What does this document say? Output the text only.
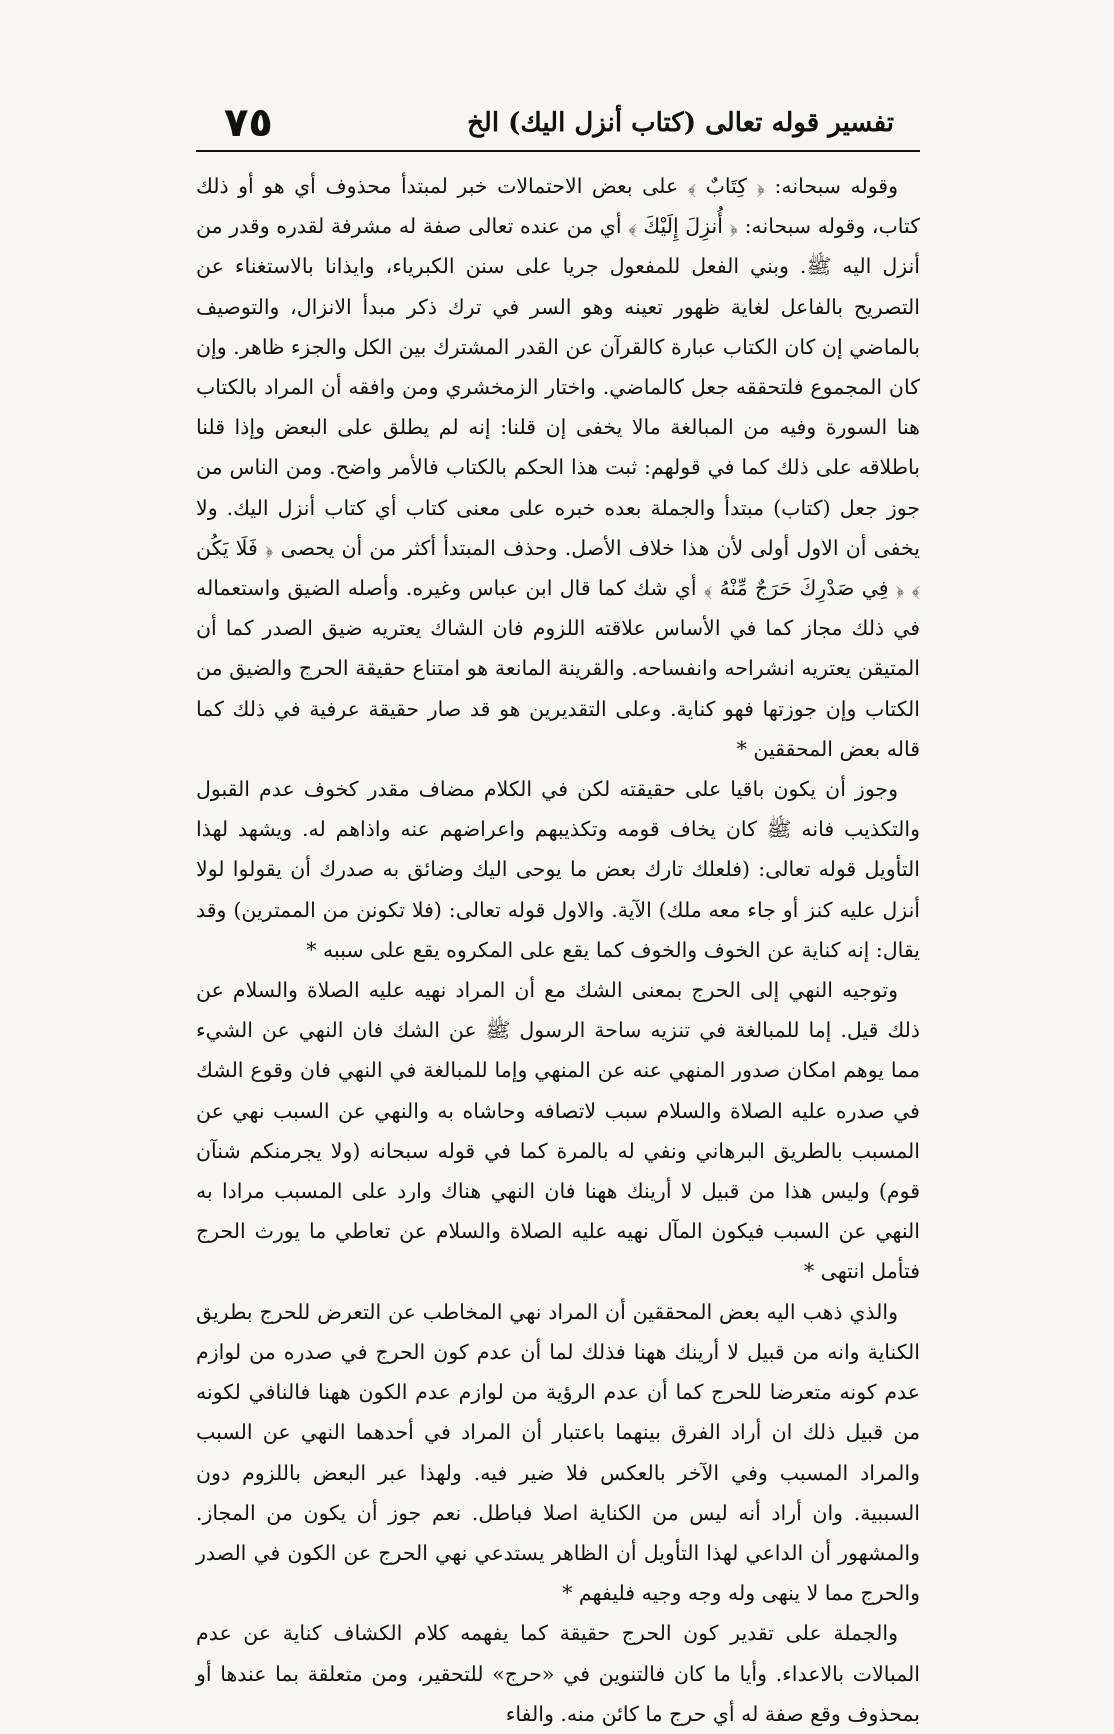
٧٥	تفسير قوله تعالى (كتاب أنزل اليك) الخ

وقوله سبحانه: ﴿ كِتَابٌ ﴾ على بعض الاحتمالات خبر لمبتدأ محذوف أي هو أو ذلك كتاب، وقوله سبحانه: ﴿ أُنزِلَ إِلَيْكَ ﴾ أي من عنده تعالى صفة له مشرفة لقدره وقدر من أنزل اليه ﷺ. وبني الفعل للمفعول جريا على سنن الكبرياء، وايذانا بالاستغناء عن التصريح بالفاعل لغاية ظهور تعينه وهو السر في ترك ذكر مبدأ الانزال، والتوصيف بالماضي إن كان الكتاب عبارة كالقرآن عن القدر المشترك بين الكل والجزء ظاهر. وإن كان المجموع فلتحققه جعل كالماضي. واختار الزمخشري ومن وافقه أن المراد بالكتاب هنا السورة وفيه من المبالغة مالا يخفى إن قلنا: إنه لم يطلق على البعض وإذا قلنا باطلاقه على ذلك كما في قولهم: ثبت هذا الحكم بالكتاب فالأمر واضح. ومن الناس من جوز جعل (كتاب) مبتدأ والجملة بعده خبره على معنى كتاب أي كتاب أنزل اليك. ولا يخفى أن الاول أولى لأن هذا خلاف الأصل. وحذف المبتدأ أكثر من أن يحصى ﴿ فَلَا يَكُن ﴾ ﴿ فِي صَدْرِكَ حَرَجٌ مِّنْهُ ﴾ أي شك كما قال ابن عباس وغيره. وأصله الضيق واستعماله في ذلك مجاز كما في الأساس علاقته اللزوم فان الشاك يعتريه ضيق الصدر كما أن المتيقن يعتريه انشراحه وانفساحه. والقرينة المانعة هو امتناع حقيقة الحرج والضيق من الكتاب وإن جوزتها فهو كناية. وعلى التقديرين هو قد صار حقيقة عرفية في ذلك كما قاله بعض المحققين *

وجوز أن يكون باقيا على حقيقته لكن في الكلام مضاف مقدر كخوف عدم القبول والتكذيب فانه ﷺ كان يخاف قومه وتكذيبهم واعراضهم عنه واذاهم له. ويشهد لهذا التأويل قوله تعالى: (فلعلك تارك بعض ما يوحى اليك وضائق به صدرك أن يقولوا لولا أنزل عليه كنز أو جاء معه ملك) الآية. والاول قوله تعالى: (فلا تكونن من الممترين) وقد يقال: إنه كناية عن الخوف والخوف كما يقع على المكروه يقع على سببه *

وتوجيه النهي إلى الحرج بمعنى الشك مع أن المراد نهيه عليه الصلاة والسلام عن ذلك قيل. إما للمبالغة في تنزيه ساحة الرسول ﷺ عن الشك فان النهي عن الشيء مما يوهم امكان صدور المنهي عنه عن المنهي وإما للمبالغة في النهي فان وقوع الشك في صدره عليه الصلاة والسلام سبب لاتصافه وحاشاه به والنهي عن السبب نهي عن المسبب بالطريق البرهاني ونفي له بالمرة كما في قوله سبحانه (ولا يجرمنكم شنآن قوم) وليس هذا من قبيل لا أرينك ههنا فان النهي هناك وارد على المسبب مرادا به النهي عن السبب فيكون المآل نهيه عليه الصلاة والسلام عن تعاطي ما يورث الحرج فتأمل انتهى *

والذي ذهب اليه بعض المحققين أن المراد نهي المخاطب عن التعرض للحرج بطريق الكناية وانه من قبيل لا أرينك ههنا فذلك لما أن عدم كون الحرج في صدره من لوازم عدم كونه متعرضا للحرج كما أن عدم الرؤية من لوازم عدم الكون ههنا فالنافي لكونه من قبيل ذلك ان أراد الفرق بينهما باعتبار أن المراد في أحدهما النهي عن السبب والمراد المسبب وفي الآخر بالعكس فلا ضير فيه. ولهذا عبر البعض باللزوم دون السببية. وان أراد أنه ليس من الكناية اصلا فباطل. نعم جوز أن يكون من المجاز. والمشهور أن الداعي لهذا التأويل أن الظاهر يستدعي نهي الحرج عن الكون في الصدر والحرج مما لا ينهى وله وجه وجيه فليفهم *

والجملة على تقدير كون الحرج حقيقة كما يفهمه كلام الكشاف كناية عن عدم المبالات بالاعداء. وأيا ما كان فالتنوين في «حرج» للتحقير، ومن متعلقة بما عندها أو بمحذوف وقع صفة له أي حرج ما كائن منه. والفاء
